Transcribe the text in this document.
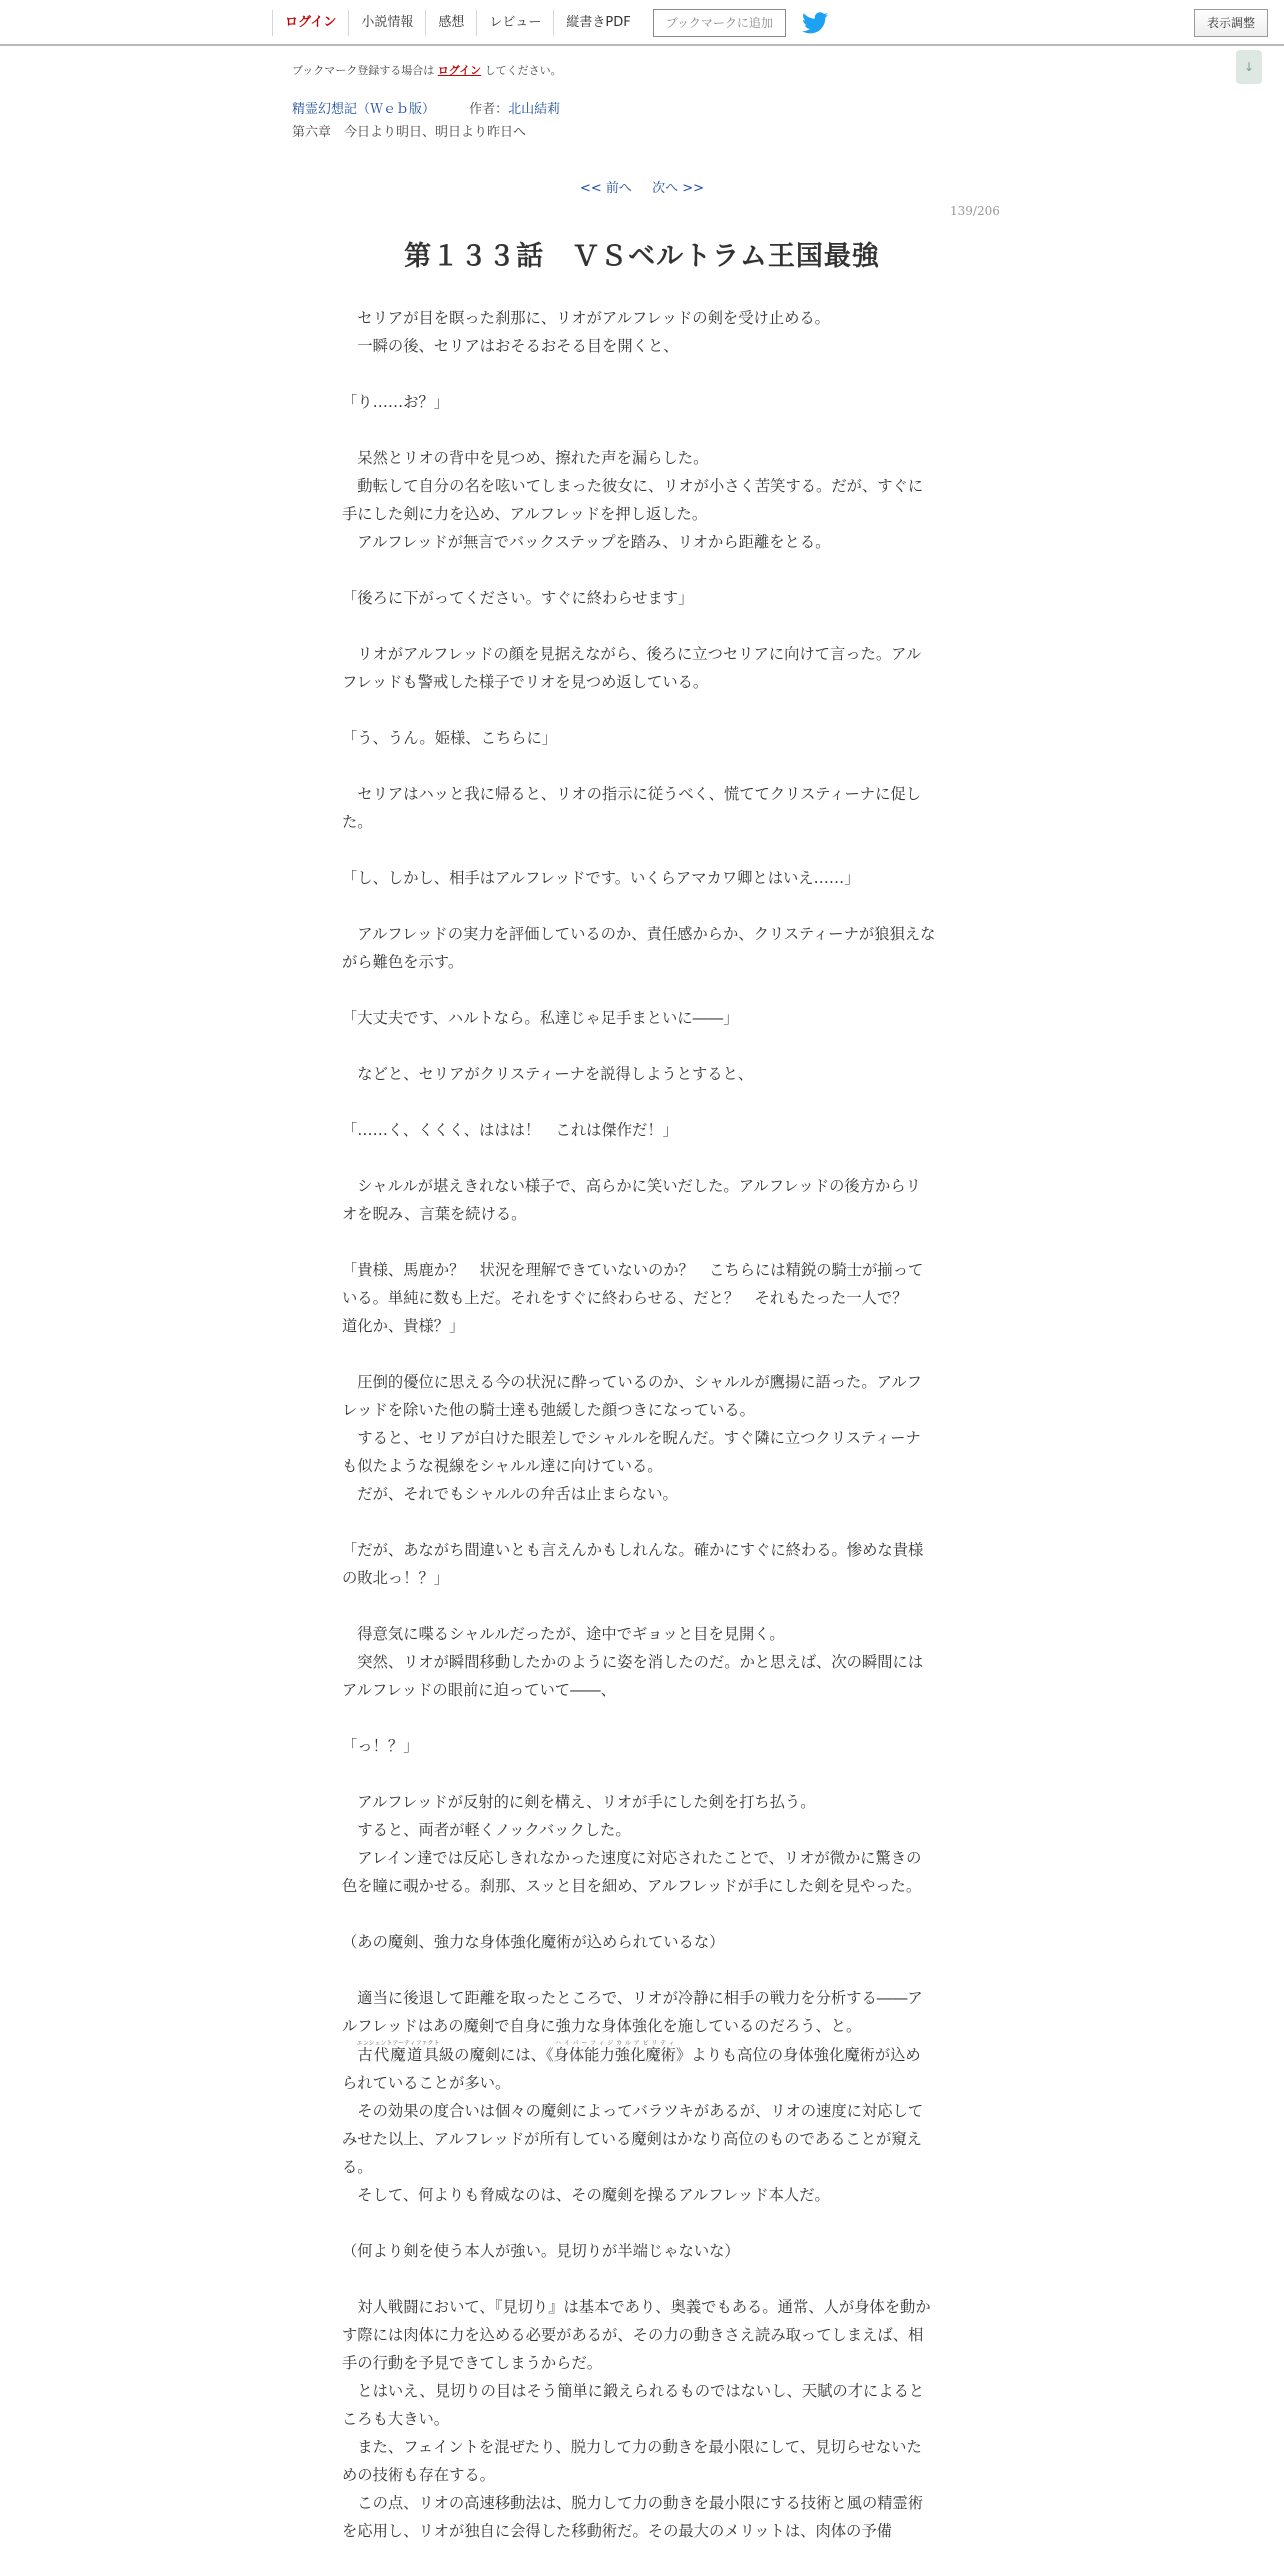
ログイン	小説情報	感想	レビュー	縦書きPDF	ブックマークに追加	表示調整
↓
ブックマーク登録する場合は ログイン してください。
精霊幻想記（Ｗｅｂ版）	作者：北山結莉
第六章　今日より明日、明日より昨日へ
<< 前へ 次へ >>
139/206
第１３３話　ＶＳベルトラム王国最強

　セリアが目を瞑った刹那に、リオがアルフレッドの剣を受け止める。

　一瞬の後、セリアはおそるおそる目を開くと、

「り……お？」

　呆然とリオの背中を見つめ、擦れた声を漏らした。

　動転して自分の名を呟いてしまった彼女に、リオが小さく苦笑する。だが、すぐに手にした剣に力を込め、アルフレッドを押し返した。

　アルフレッドが無言でバックステップを踏み、リオから距離をとる。

「後ろに下がってください。すぐに終わらせます」

　リオがアルフレッドの顔を見据えながら、後ろに立つセリアに向けて言った。アルフレッドも警戒した様子でリオを見つめ返している。

「う、うん。姫様、こちらに」

　セリアはハッと我に帰ると、リオの指示に従うべく、慌ててクリスティーナに促した。

「し、しかし、相手はアルフレッドです。いくらアマカワ卿とはいえ……」

　アルフレッドの実力を評価しているのか、責任感からか、クリスティーナが狼狽えながら難色を示す。

「大丈夫です、ハルトなら。私達じゃ足手まといに――」

　などと、セリアがクリスティーナを説得しようとすると、

「……く、くくく、ははは！　これは傑作だ！」

　シャルルが堪えきれない様子で、高らかに笑いだした。アルフレッドの後方からリオを睨み、言葉を続ける。

「貴様、馬鹿か？　状況を理解できていないのか？　こちらには精鋭の騎士が揃っている。単純に数も上だ。それをすぐに終わらせる、だと？　それもたった一人で？　道化か、貴様？」

　圧倒的優位に思える今の状況に酔っているのか、シャルルが鷹揚に語った。アルフレッドを除いた他の騎士達も弛緩した顔つきになっている。

　すると、セリアが白けた眼差しでシャルルを睨んだ。すぐ隣に立つクリスティーナも似たような視線をシャルル達に向けている。

　だが、それでもシャルルの弁舌は止まらない。

「だが、あながち間違いとも言えんかもしれんな。確かにすぐに終わる。惨めな貴様の敗北っ！？」

　得意気に喋るシャルルだったが、途中でギョッと目を見開く。

　突然、リオが瞬間移動したかのように姿を消したのだ。かと思えば、次の瞬間にはアルフレッドの眼前に迫っていて――、

「っ！？」

　アルフレッドが反射的に剣を構え、リオが手にした剣を打ち払う。

　すると、両者が軽くノックバックした。

　アレイン達では反応しきれなかった速度に対応されたことで、リオが微かに驚きの色を瞳に覗かせる。刹那、スッと目を細め、アルフレッドが手にした剣を見やった。

（あの魔剣、強力な身体強化魔術が込められているな）

　適当に後退して距離を取ったところで、リオが冷静に相手の戦力を分析する――アルフレッドはあの魔剣で自身に強力な身体強化を施しているのだろう、と。

　古代魔道具エンシェントアーティファクト級の魔剣には、《身体能力強化魔術ハイパーフィジカルアビリティ》よりも高位の身体強化魔術が込められていることが多い。

　その効果の度合いは個々の魔剣によってバラツキがあるが、リオの速度に対応してみせた以上、アルフレッドが所有している魔剣はかなり高位のものであることが窺える。

　そして、何よりも脅威なのは、その魔剣を操るアルフレッド本人だ。

（何より剣を使う本人が強い。見切りが半端じゃないな）

　対人戦闘において、『見切り』は基本であり、奥義でもある。通常、人が身体を動かす際には肉体に力を込める必要があるが、その力の動きさえ読み取ってしまえば、相手の行動を予見できてしまうからだ。

　とはいえ、見切りの目はそう簡単に鍛えられるものではないし、天賦の才によるところも大きい。

　また、フェイントを混ぜたり、脱力して力の動きを最小限にして、見切らせないための技術も存在する。

　この点、リオの高速移動法は、脱力して力の動きを最小限にする技術と風の精霊術を応用し、リオが独自に会得した移動術だ。その最大のメリットは、肉体の予備
